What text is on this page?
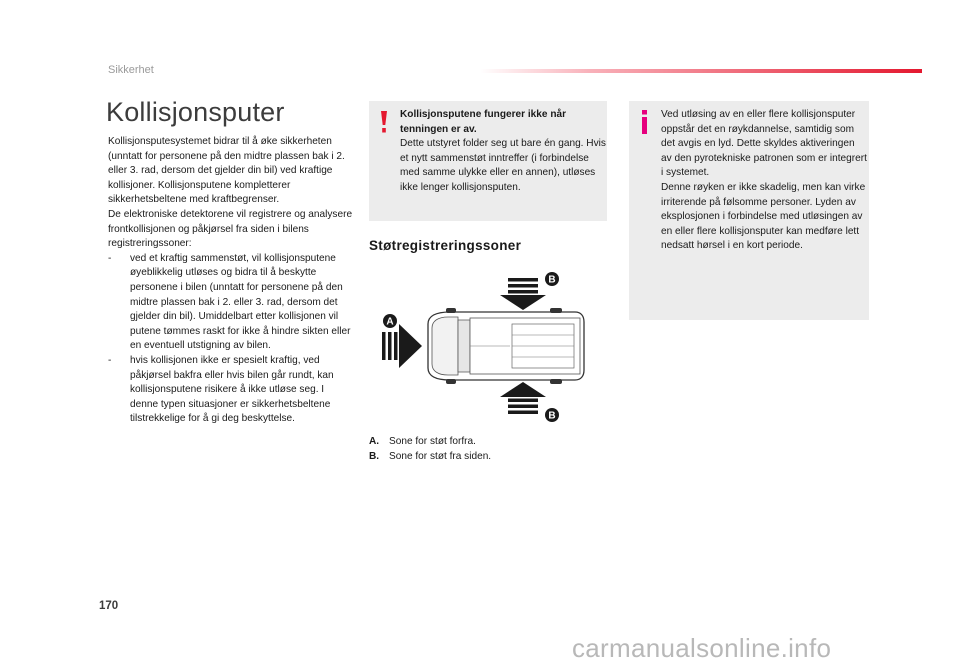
Sikkerhet
Kollisjonsputer

Kollisjonsputesystemet bidrar til å øke sikkerheten (unntatt for personene på den midtre plassen bak i 2. eller 3. rad, dersom det gjelder din bil) ved kraftige kollisjoner. Kollisjonsputene kompletterer sikkerhetsbeltene med kraftbegrenser.

De elektroniske detektorene vil registrere og analysere frontkollisjonen og påkjørsel fra siden i bilens registreringssoner:

-	ved et kraftig sammenstøt, vil kollisjonsputene øyeblikkelig utløses og bidra til å beskytte personene i bilen (unntatt for personene på den midtre plassen bak i 2. eller 3. rad, dersom det gjelder din bil). Umiddelbart etter kollisjonen vil putene tømmes raskt for ikke å hindre sikten eller en eventuell utstigning av bilen.
-	hvis kollisjonen ikke er spesielt kraftig, ved påkjørsel bakfra eller hvis bilen går rundt, kan kollisjonsputene risikere å ikke utløse seg. I denne typen situasjoner er sikkerhetsbeltene tilstrekkelige for å gi deg beskyttelse.
Kollisjonsputene fungerer ikke når tenningen er av.
Dette utstyret folder seg ut bare én gang. Hvis et nytt sammenstøt inntreffer (i forbindelse med samme ulykke eller en annen), utløses ikke lenger kollisjonsputen.
Støtregistreringssoner
A
B
B
A. Sone for støt forfra.
B. Sone for støt fra siden.
Ved utløsing av en eller flere kollisjonsputer oppstår det en røykdannelse, samtidig som det avgis en lyd. Dette skyldes aktiveringen av den pyrotekniske patronen som er integrert i systemet.
Denne røyken er ikke skadelig, men kan virke irriterende på følsomme personer. Lyden av eksplosjonen i forbindelse med utløsingen av en eller flere kollisjonsputer kan medføre lett nedsatt hørsel i en kort periode.
170
carmanualsonline.info
